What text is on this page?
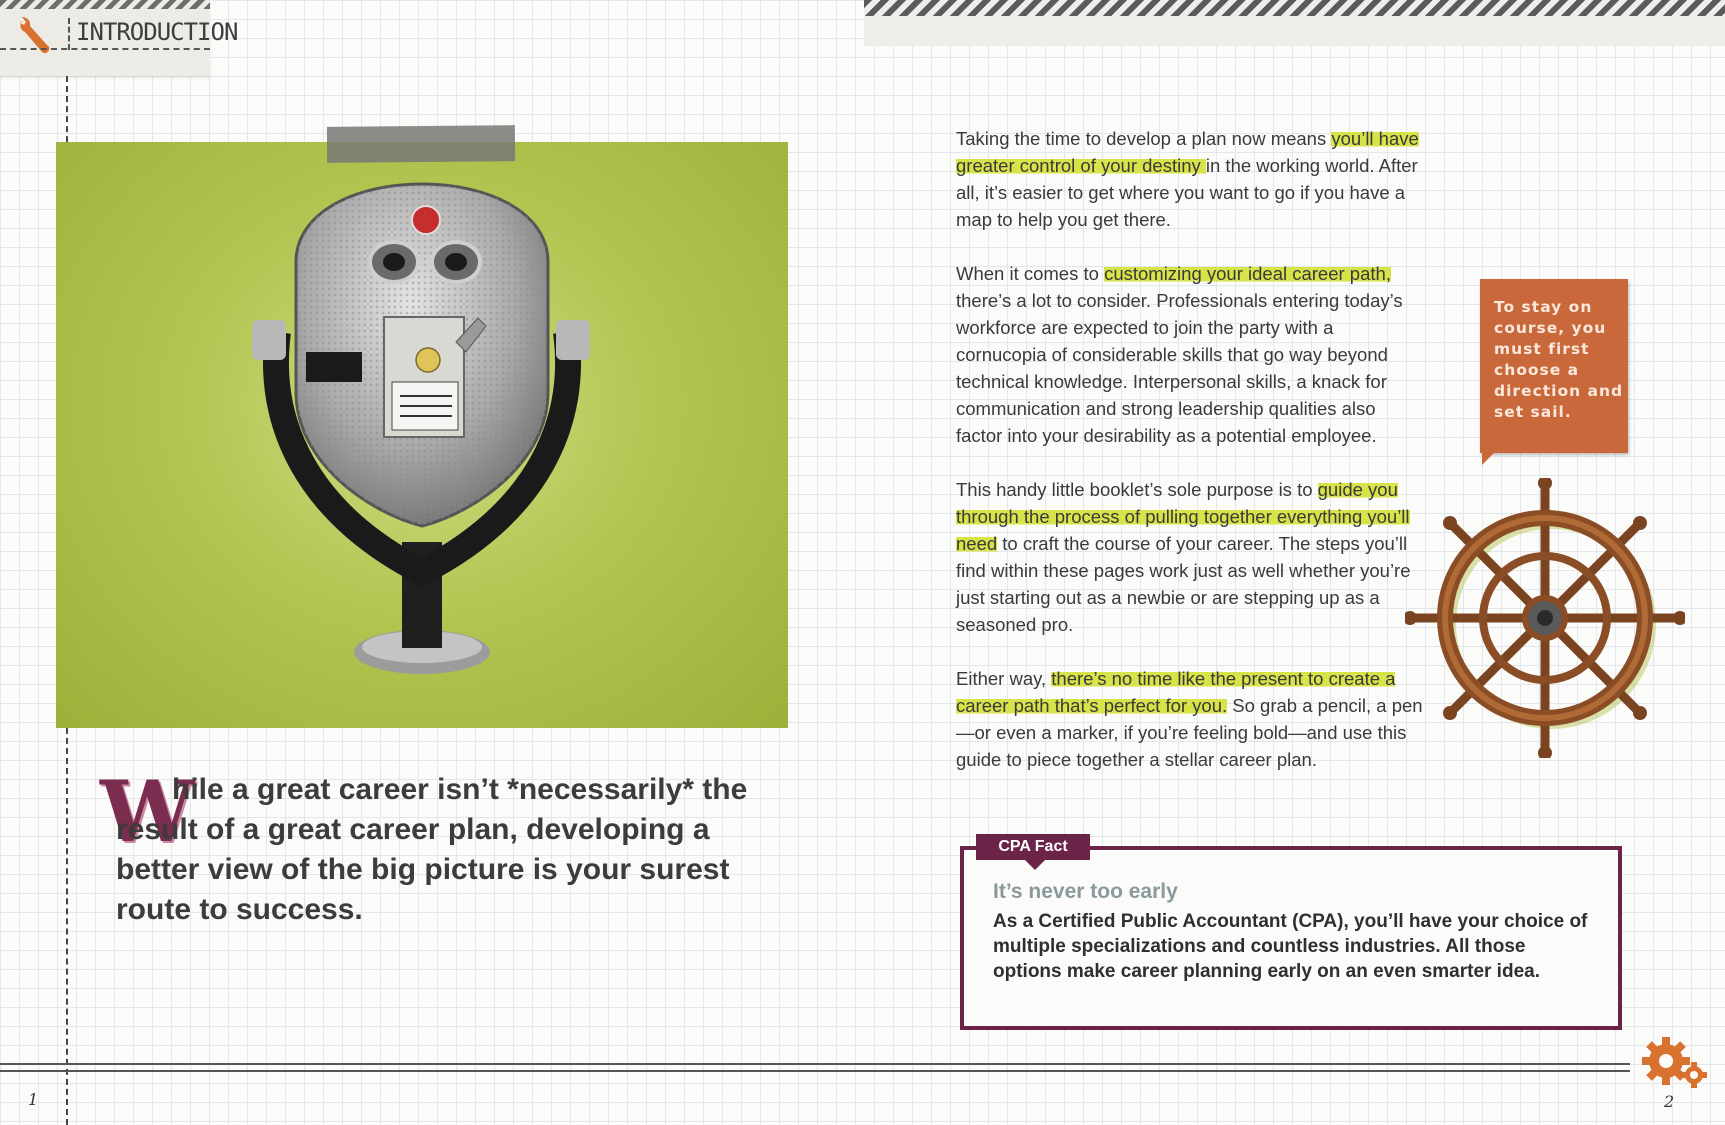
INTRODUCTION
W
hile a great career isn’t *necessarily* the result of a great career plan, developing a better view of the big picture is your surest route to success.

Taking the time to develop a plan now means you’ll have greater control of your destiny in the working world. After all, it’s easier to get where you want to go if you have a map to help you get there.

When it comes to customizing your ideal career path, there’s a lot to consider. Professionals entering today’s workforce are expected to join the party with a cornucopia of considerable skills that go way beyond technical knowledge. Interpersonal skills, a knack for communication and strong leadership qualities also factor into your desirability as a potential employee.

This handy little booklet’s sole purpose is to guide you through the process of pulling together everything you’ll need to craft the course of your career. The steps you’ll find within these pages work just as well whether you’re just starting out as a newbie or are stepping up as a seasoned pro.

Either way, there’s no time like the present to create a career path that’s perfect for you. So grab a pencil, a pen—or even a marker, if you’re feeling bold—and use this guide to piece together a stellar career plan.

To stay on course, you must first choose a direction and set sail.
CPA Fact
It’s never too early
As a Certified Public Accountant (CPA), you’ll have your choice of multiple specializations and countless industries. All those options make career planning early on an even smarter idea.
1	2
